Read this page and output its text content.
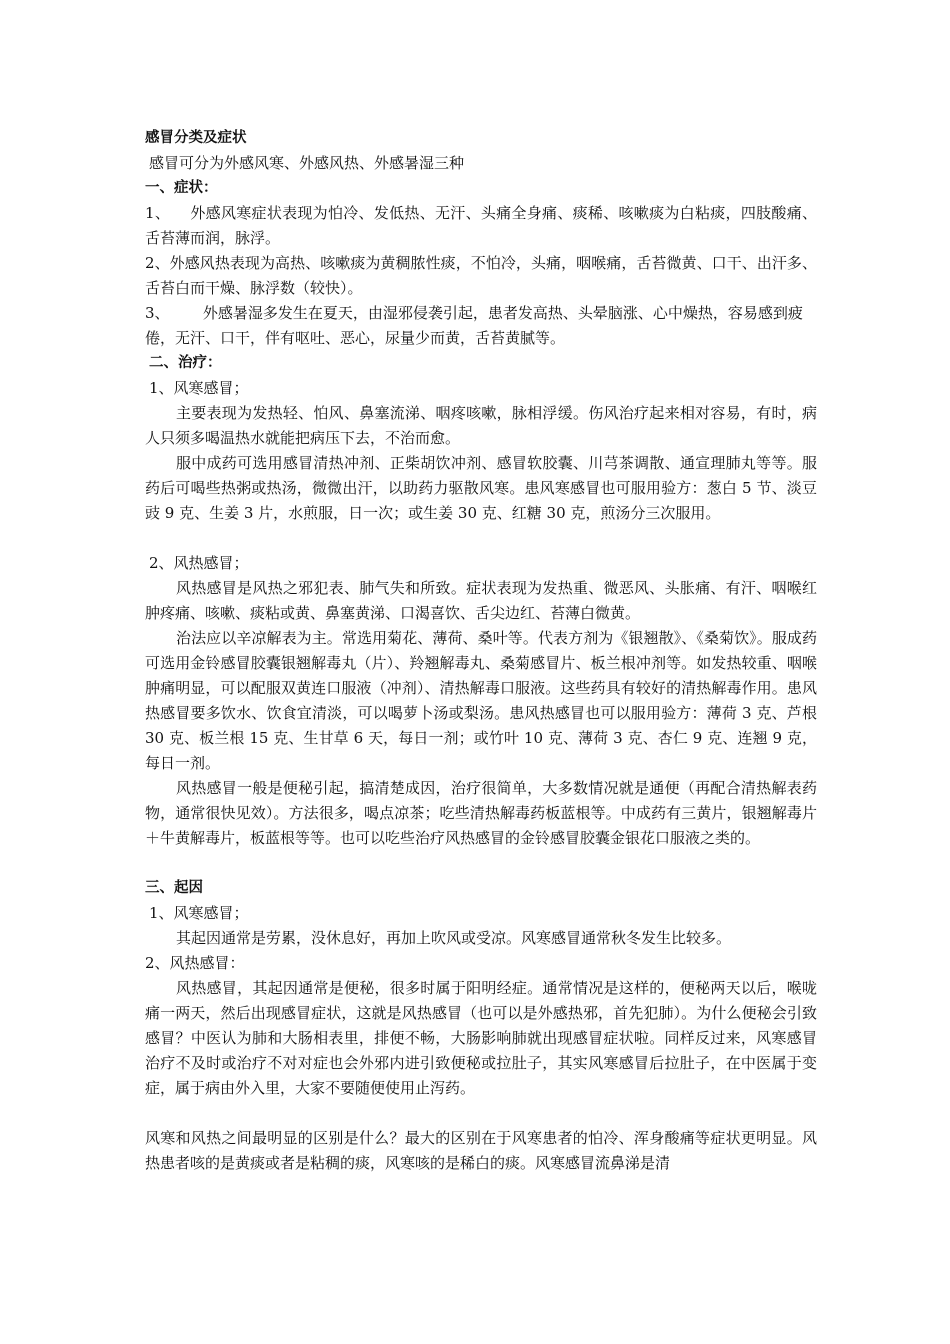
感冒分类及症状

感冒可分为外感风寒、外感风热、外感暑湿三种

一、症状：

1、    外感风寒症状表现为怕冷、发低热、无汗、头痛全身痛、痰稀、咳嗽痰为白粘痰，四肢酸痛、舌苔薄而润，脉浮。

2、外感风热表现为高热、咳嗽痰为黄稠脓性痰，不怕冷，头痛，咽喉痛，舌苔微黄、口干、出汗多、舌苔白而干燥、脉浮数（较快）。

3、       外感暑湿多发生在夏天，由湿邪侵袭引起，患者发高热、头晕脑涨、心中燥热，容易感到疲

倦，无汗、口干，伴有呕吐、恶心，尿量少而黄，舌苔黄腻等。

二、治疗：

1、风寒感冒；

主要表现为发热轻、怕风、鼻塞流涕、咽疼咳嗽，脉相浮缓。伤风治疗起来相对容易，有时，病人只须多喝温热水就能把病压下去，不治而愈。

服中成药可选用感冒清热冲剂、正柴胡饮冲剂、感冒软胶囊、川芎茶调散、通宣理肺丸等等。服药后可喝些热粥或热汤，微微出汗，以助药力驱散风寒。患风寒感冒也可服用验方：葱白 5 节、淡豆豉 9 克、生姜 3 片，水煎服，日一次；或生姜 30 克、红糖 30 克，煎汤分三次服用。

2、风热感冒；

风热感冒是风热之邪犯表、肺气失和所致。症状表现为发热重、微恶风、头胀痛、有汗、咽喉红肿疼痛、咳嗽、痰粘或黄、鼻塞黄涕、口渴喜饮、舌尖边红、苔薄白微黄。

治法应以辛凉解表为主。常选用菊花、薄荷、桑叶等。代表方剂为《银翘散》、《桑菊饮》。服成药可选用金铃感冒胶囊银翘解毒丸（片）、羚翘解毒丸、桑菊感冒片、板兰根冲剂等。如发热较重、咽喉肿痛明显，可以配服双黄连口服液（冲剂）、清热解毒口服液。这些药具有较好的清热解毒作用。患风热感冒要多饮水、饮食宜清淡，可以喝萝卜汤或梨汤。患风热感冒也可以服用验方：薄荷 3 克、芦根 30 克、板兰根 15 克、生甘草 6 天，每日一剂；或竹叶 10 克、薄荷 3 克、杏仁 9 克、连翘 9 克，每日一剂。

风热感冒一般是便秘引起，搞清楚成因，治疗很简单，大多数情况就是通便（再配合清热解表药物，通常很快见效）。方法很多，喝点凉茶；吃些清热解毒药板蓝根等。中成药有三黄片，银翘解毒片＋牛黄解毒片，板蓝根等等。也可以吃些治疗风热感冒的金铃感冒胶囊金银花口服液之类的。

三、起因

1、风寒感冒；

其起因通常是劳累，没休息好，再加上吹风或受凉。风寒感冒通常秋冬发生比较多。

2、风热感冒：

风热感冒，其起因通常是便秘，很多时属于阳明经症。通常情况是这样的，便秘两天以后，喉咙痛一两天，然后出现感冒症状，这就是风热感冒（也可以是外感热邪，首先犯肺）。为什么便秘会引致感冒？中医认为肺和大肠相表里，排便不畅，大肠影响肺就出现感冒症状啦。同样反过来，风寒感冒治疗不及时或治疗不对对症也会外邪内进引致便秘或拉肚子，其实风寒感冒后拉肚子，在中医属于变症，属于病由外入里，大家不要随便使用止泻药。

风寒和风热之间最明显的区别是什么？最大的区别在于风寒患者的怕冷、浑身酸痛等症状更明显。风热患者咳的是黄痰或者是粘稠的痰，风寒咳的是稀白的痰。风寒感冒流鼻涕是清
